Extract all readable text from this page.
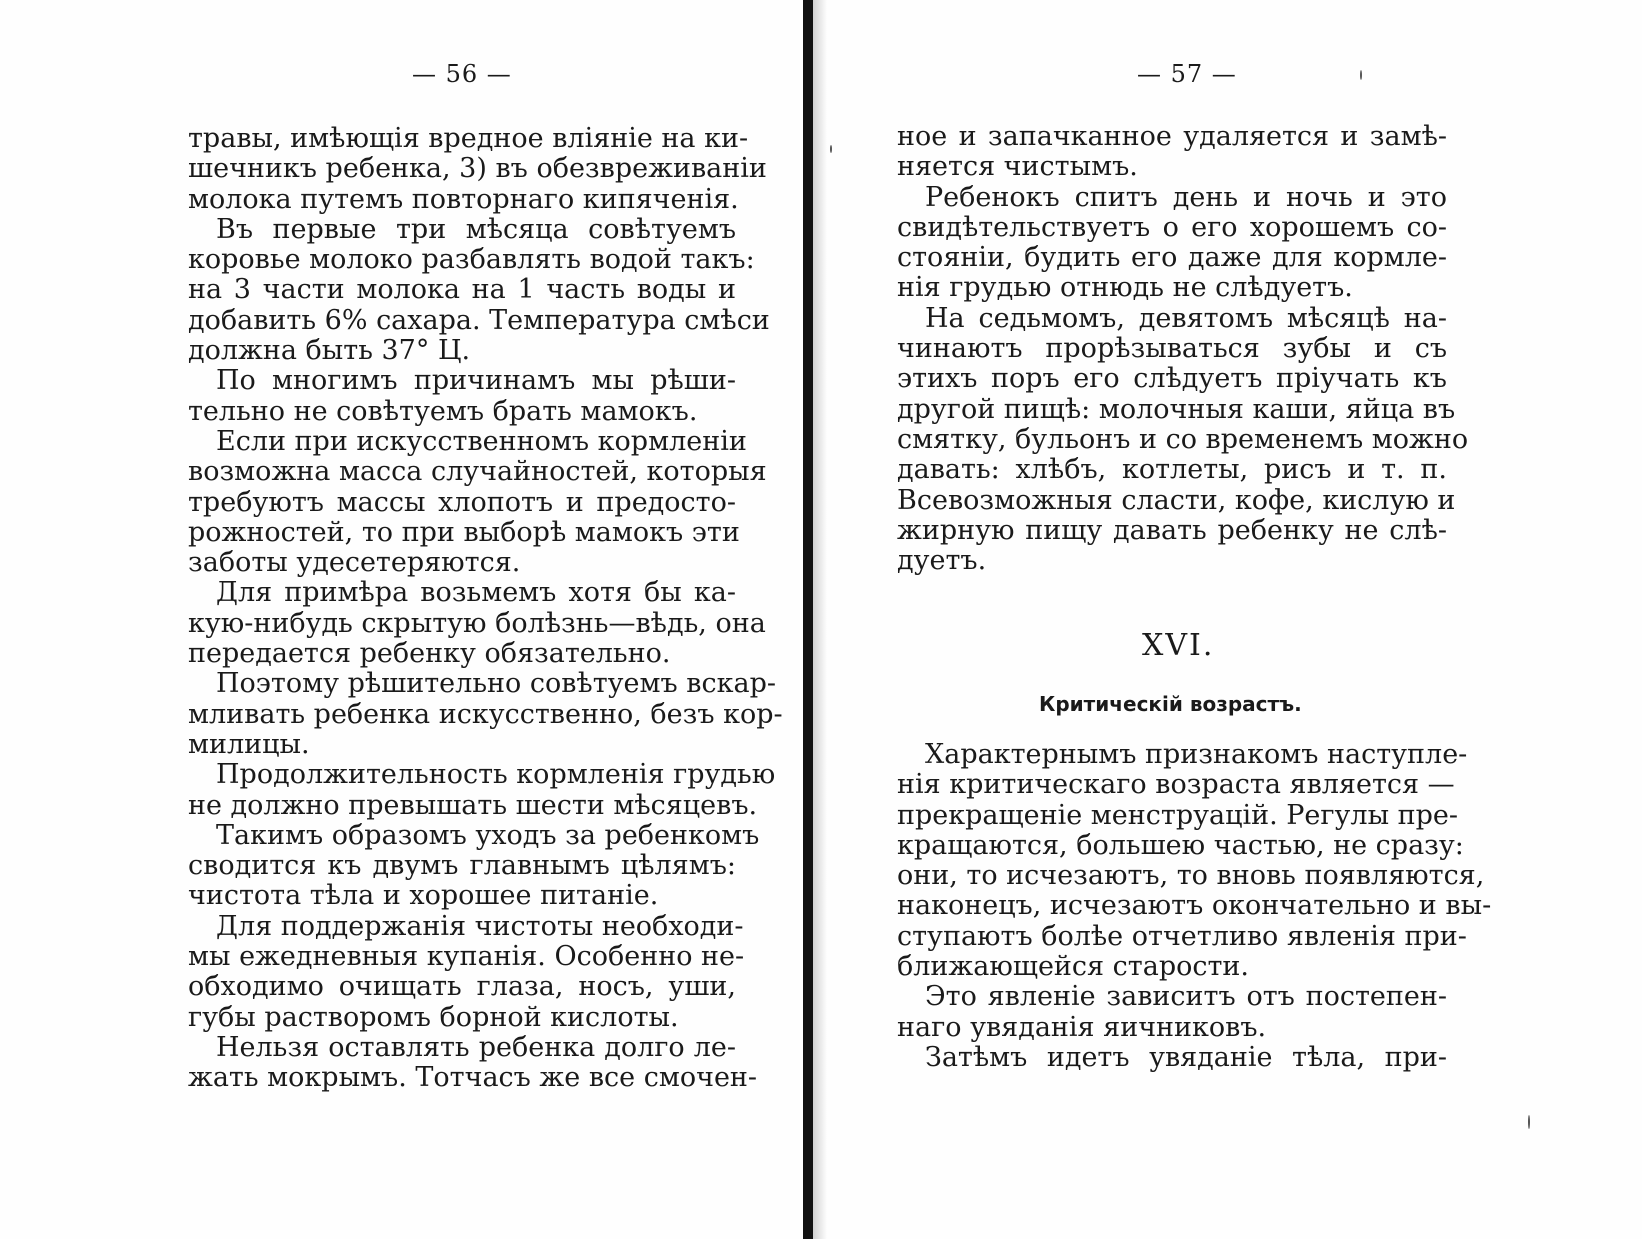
— 56 —
травы, имѣющія вредное вліяніе на ки-
шечникъ ребенка, 3) въ обезвреживаніи
молока путемъ повторнаго кипяченія.
Въ первые три мѣсяца совѣтуемъ
коровье молоко разбавлять водой такъ:
на 3 части молока на 1 часть воды и
добавить 6% сахара. Температура смѣси
должна быть 37° Ц.
По многимъ причинамъ мы рѣши-
тельно не совѣтуемъ брать мамокъ.
Если при искусственномъ кормленіи
возможна масса случайностей, которыя
требуютъ массы хлопотъ и предосто-
рожностей, то при выборѣ мамокъ эти
заботы удесетеряются.
Для примѣра возьмемъ хотя бы ка-
кую-нибудь скрытую болѣзнь—вѣдь, она
передается ребенку обязательно.
Поэтому рѣшительно совѣтуемъ вскар-
мливать ребенка искусственно, безъ кор-
милицы.
Продолжительность кормленія грудью
не должно превышать шести мѣсяцевъ.
Такимъ образомъ уходъ за ребенкомъ
сводится къ двумъ главнымъ цѣлямъ:
чистота тѣла и хорошее питаніе.
Для поддержанія чистоты необходи-
мы ежедневныя купанія. Особенно не-
обходимо очищать глаза, носъ, уши,
губы растворомъ борной кислоты.
Нельзя оставлять ребенка долго ле-
жать мокрымъ. Тотчасъ же все смочен-
— 57 —
ное и запачканное удаляется и замѣ-
няется чистымъ.
Ребенокъ спитъ день и ночь и это
свидѣтельствуетъ о его хорошемъ со-
стояніи, будить его даже для кормле-
нія грудью отнюдь не слѣдуетъ.
На седьмомъ, девятомъ мѣсяцѣ на-
чинаютъ прорѣзываться зубы и съ
этихъ поръ его слѣдуетъ пріучать къ
другой пищѣ: молочныя каши, яйца въ
смятку, бульонъ и со временемъ можно
давать: хлѣбъ, котлеты, рисъ и т. п.
Всевозможныя сласти, кофе, кислую и
жирную пищу давать ребенку не слѣ-
дуетъ.
XVI.
Критическій возрастъ.
Характернымъ признакомъ наступле-
нія критическаго возраста является —
прекращеніе менструацій. Регулы пре-
кращаются, большею частью, не сразу:
они, то исчезаютъ, то вновь появляются,
наконецъ, исчезаютъ окончательно и вы-
ступаютъ болѣе отчетливо явленія при-
ближающейся старости.
Это явленіе зависитъ отъ постепен-
наго увяданія яичниковъ.
Затѣмъ идетъ увяданіе тѣла, при-
